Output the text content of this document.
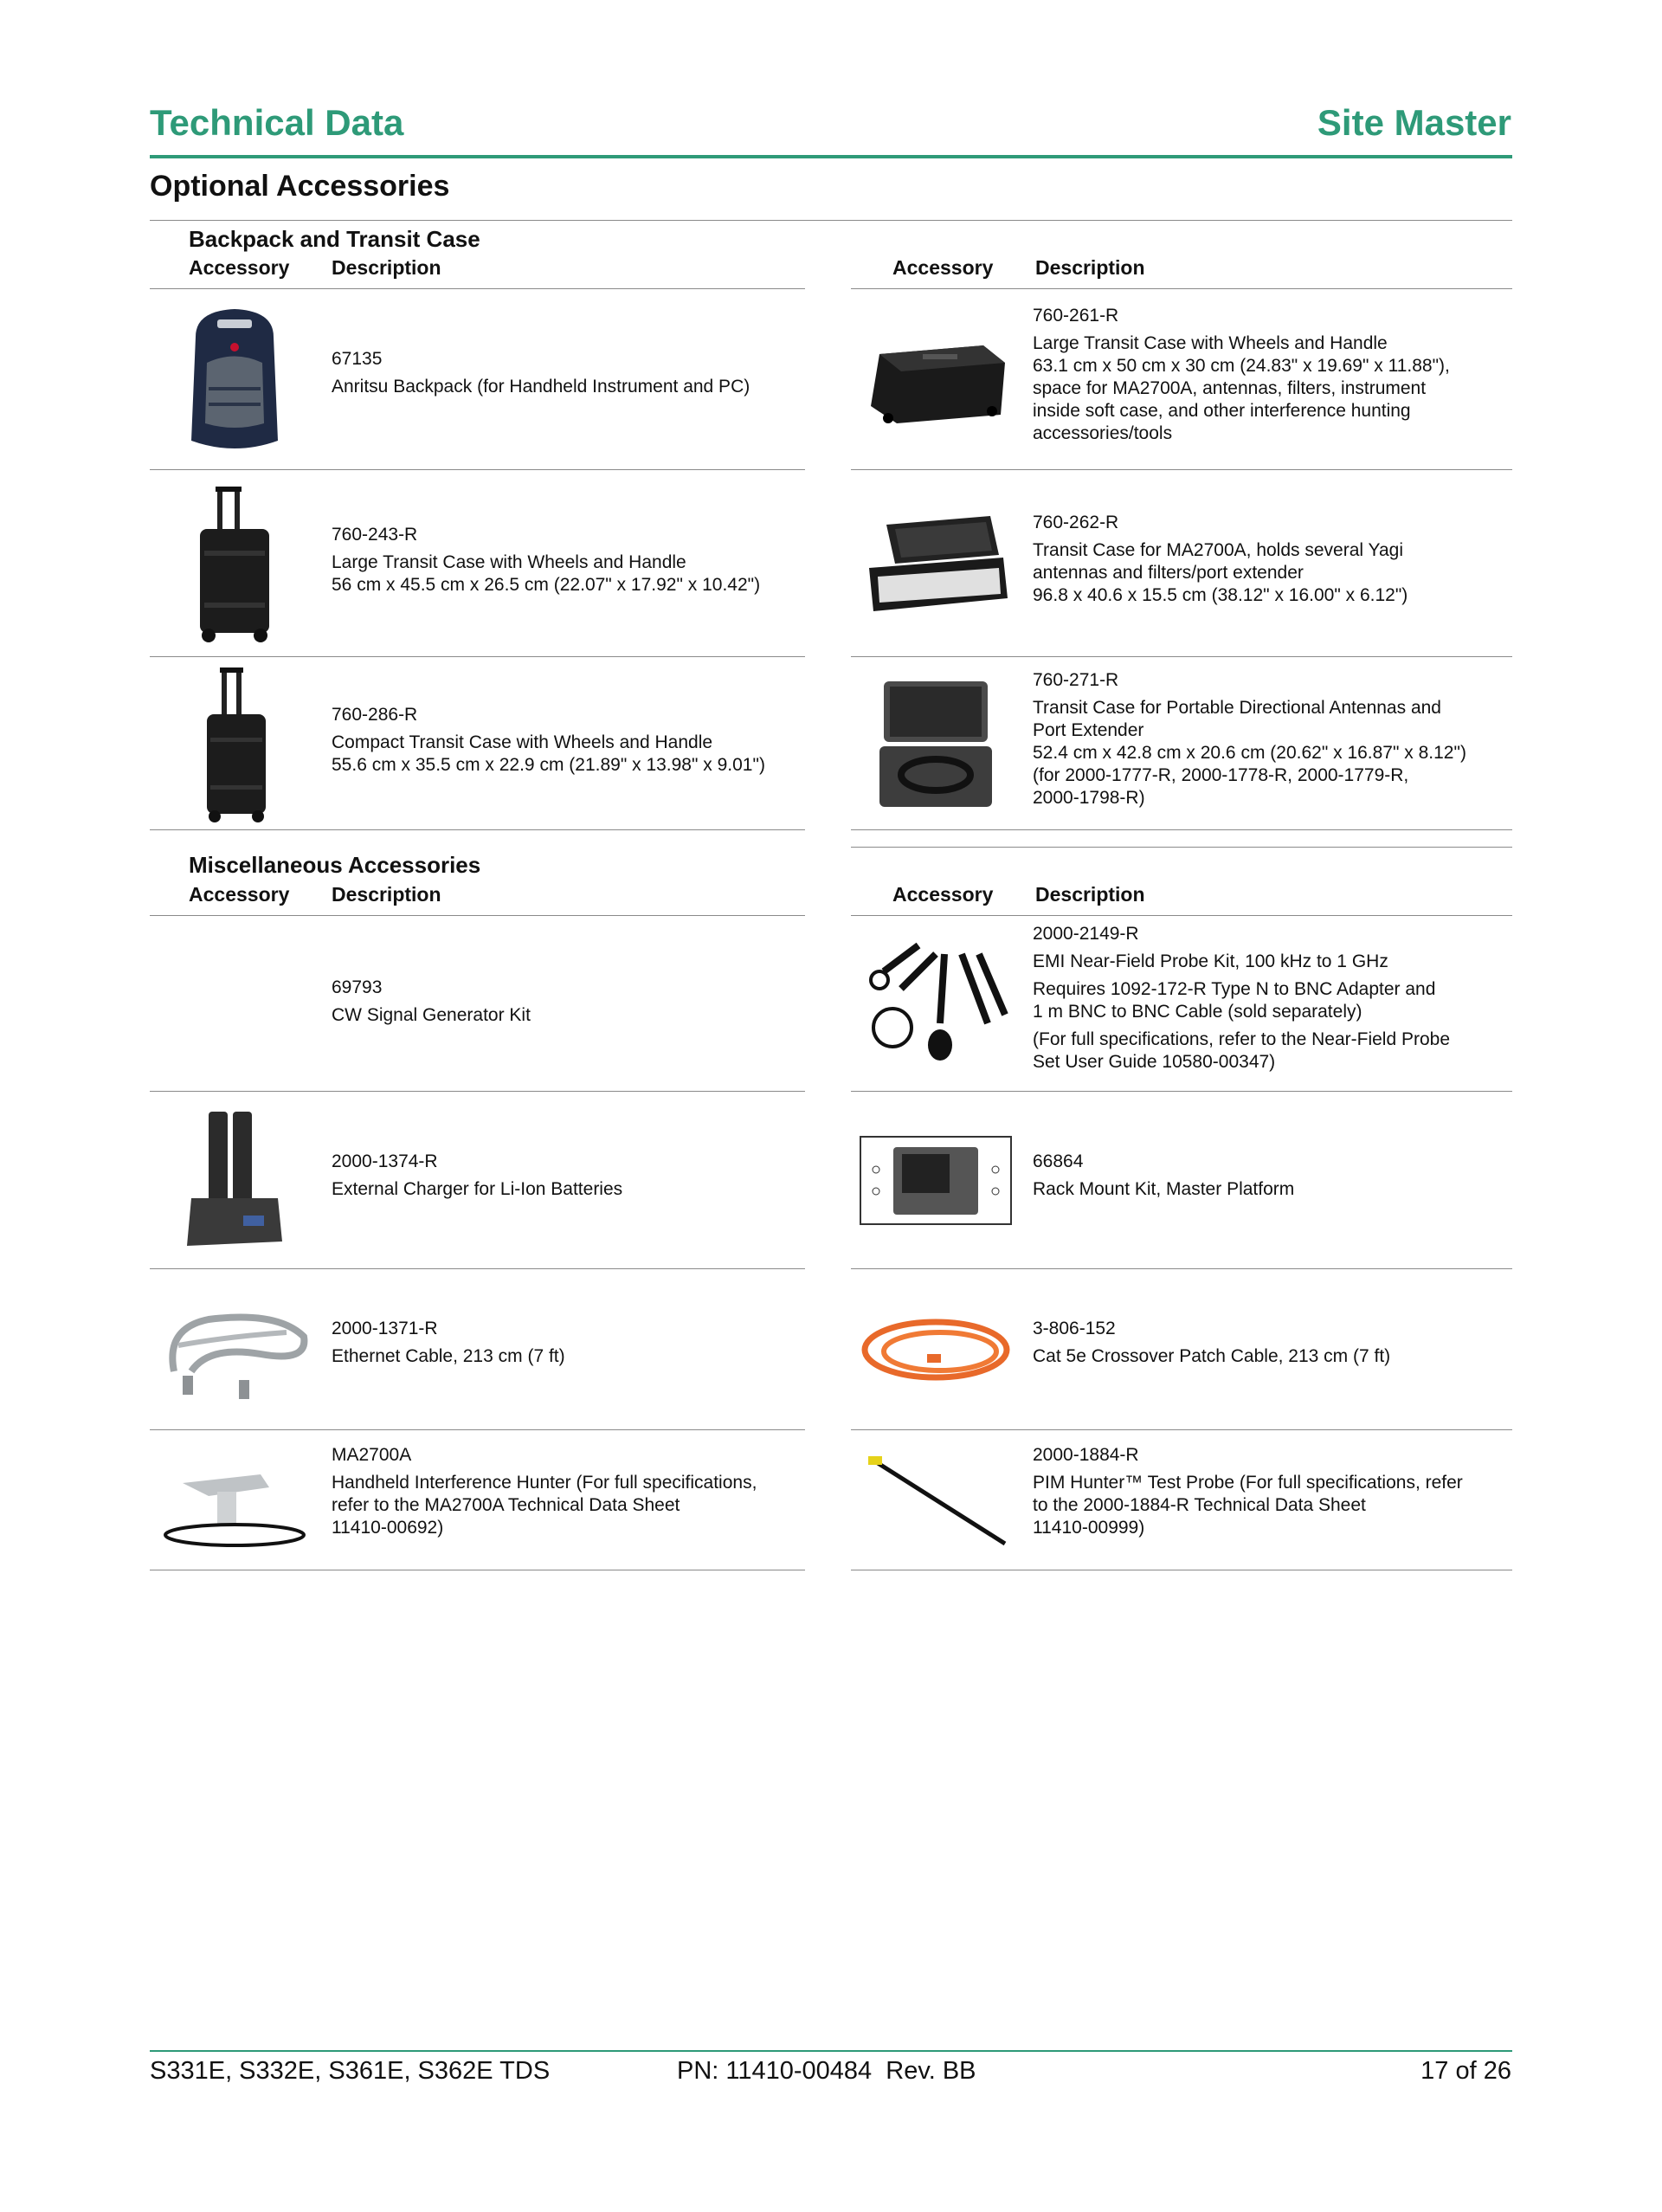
Technical Data	Site Master
Optional Accessories
Backpack and Transit Case
Accessory Description	Accessory Description
67135
Anritsu Backpack (for Handheld Instrument and PC)
760-243-R
Large Transit Case with Wheels and Handle
56 cm x 45.5 cm x 26.5 cm (22.07" x 17.92" x 10.42")
760-286-R
Compact Transit Case with Wheels and Handle
55.6 cm x 35.5 cm x 22.9 cm (21.89" x 13.98" x 9.01")
760-261-R
Large Transit Case with Wheels and Handle
63.1 cm x 50 cm x 30 cm (24.83" x 19.69" x 11.88"),
space for MA2700A, antennas, filters, instrument
inside soft case, and other interference hunting
accessories/tools
760-262-R
Transit Case for MA2700A, holds several Yagi
antennas and filters/port extender
96.8 x 40.6 x 15.5 cm (38.12" x 16.00" x 6.12")
760-271-R
Transit Case for Portable Directional Antennas and
Port Extender
52.4 cm x 42.8 cm x 20.6 cm (20.62" x 16.87" x 8.12")
(for 2000-1777-R, 2000-1778-R, 2000-1779-R,
2000-1798-R)
Miscellaneous Accessories
Accessory Description	Accessory Description
69793
CW Signal Generator Kit
2000-1374-R
External Charger for Li-Ion Batteries
2000-1371-R
Ethernet Cable, 213 cm (7 ft)
MA2700A
Handheld Interference Hunter (For full specifications,
refer to the MA2700A Technical Data Sheet
11410-00692)
2000-2149-R
EMI Near-Field Probe Kit, 100 kHz to 1 GHz
Requires 1092-172-R Type N to BNC Adapter and
1 m BNC to BNC Cable (sold separately)
(For full specifications, refer to the Near-Field Probe
Set User Guide 10580-00347)
66864
Rack Mount Kit, Master Platform
3-806-152
Cat 5e Crossover Patch Cable, 213 cm (7 ft)
2000-1884-R
PIM Hunter™ Test Probe (For full specifications, refer
to the 2000-1884-R Technical Data Sheet
11410-00999)
S331E, S332E, S361E, S362E TDS	PN: 11410-00484  Rev. BB	17 of 26
